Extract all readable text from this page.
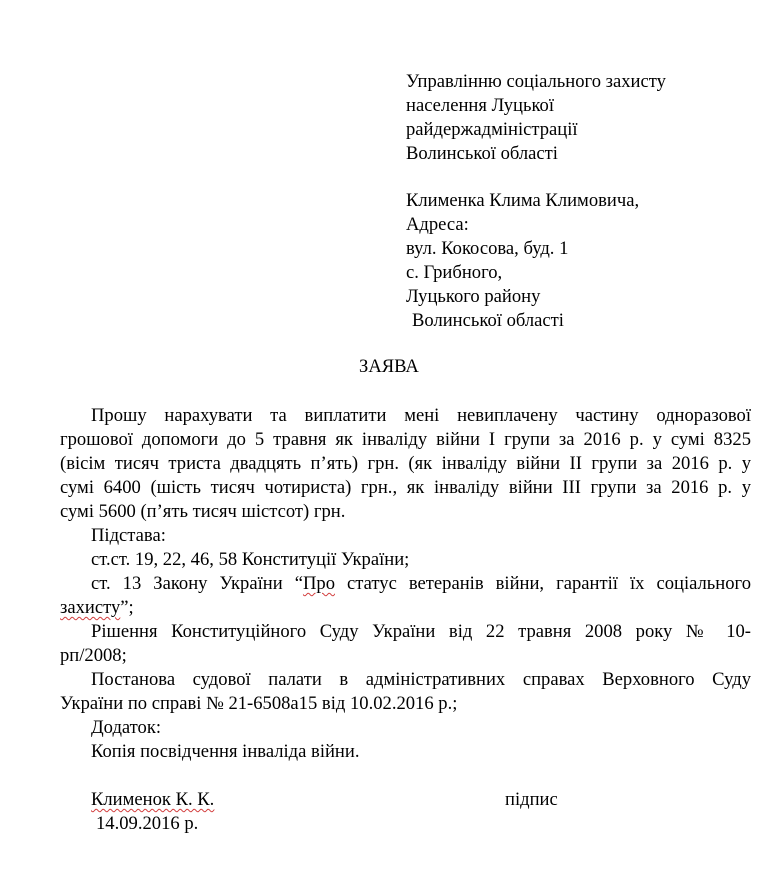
Управлінню соціального захисту
населення Луцької
райдержадміністрації
Волинської області
Клименка Клима Климовича,
Адреса:
вул. Кокосова, буд. 1
с. Грибного,
Луцького району
Волинської області
ЗАЯВА
Прошу нарахувати та виплатити мені невиплачену частину одноразової
грошової допомоги до 5 травня як інваліду війни І групи за 2016 р. у сумі 8325
(вісім тисяч триста двадцять п’ять) грн. (як інваліду війни ІІ групи за 2016 р. у
сумі 6400 (шість тисяч чотириста) грн., як інваліду війни ІІІ групи за 2016 р. у
сумі 5600 (п’ять тисяч шістсот) грн.
Підстава:
ст.ст. 19, 22, 46, 58 Конституції України;
ст. 13 Закону України “Про статус ветеранів війни, гарантії їх соціального
захисту”;
Рішення Конституційного Суду України від 22 травня 2008 року № 10-
рп/2008;
Постанова судової палати в адміністративних справах Верховного Суду
України по справі № 21-6508а15 від 10.02.2016 р.;
Додаток:
Копія посвідчення інваліда війни.
Клименок К. К.	підпис
14.09.2016 р.
